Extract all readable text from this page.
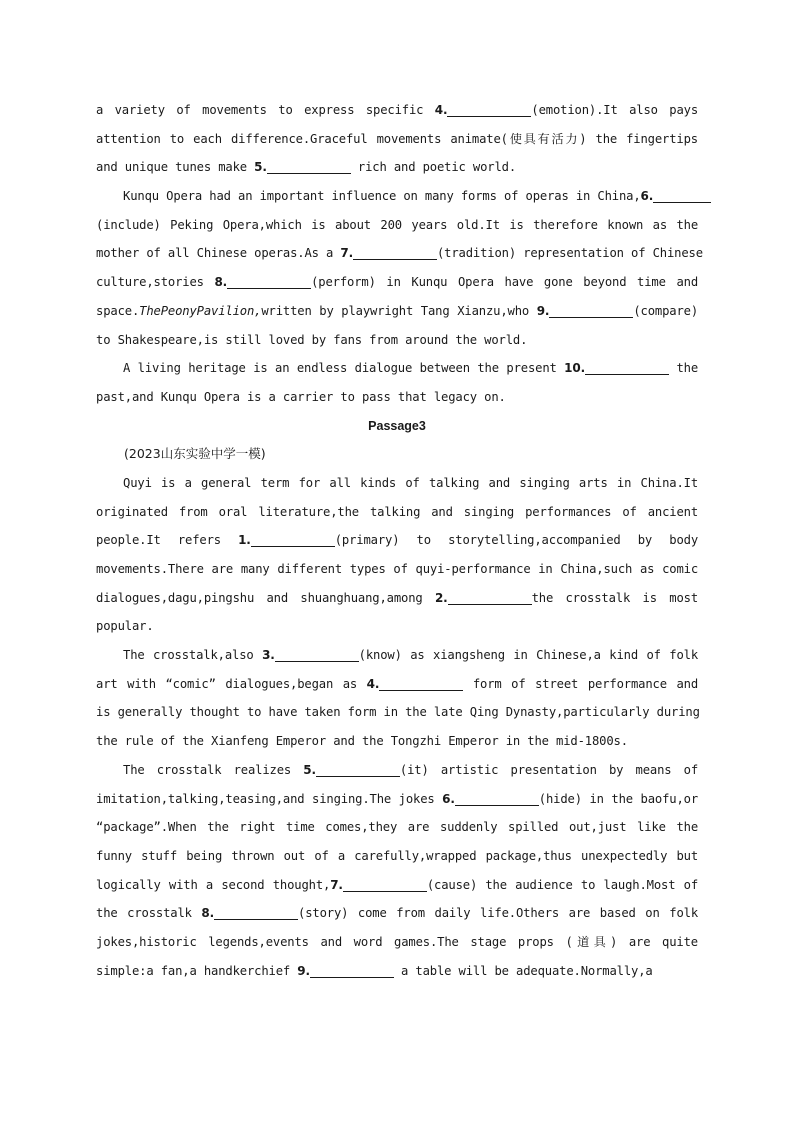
a variety of movements to express specific 4.	(emotion).It also pays
attention to each difference.Graceful movements animate(使具有活力) the fingertips
and unique tunes make 5.	rich and poetic world.
Kunqu Opera had an important influence on many forms of operas in China,6.
(include) Peking Opera,which is about 200 years old.It is therefore known as the
mother of all Chinese operas.As a 7.	(tradition) representation of Chinese
culture,stories 8.	(perform) in Kunqu Opera have gone beyond time and
space.ThePeonyPavilion,written by playwright Tang Xianzu,who 9.	(compare)
to Shakespeare,is still loved by fans from around the world.
A living heritage is an endless dialogue between the present 10.	the
past,and Kunqu Opera is a carrier to pass that legacy on.
Passage3
(2023山东实验中学一模)
Quyi is a general term for all kinds of talking and singing arts in China.It
originated from oral literature,the talking and singing performances of ancient
people.It refers 1.	(primary) to storytelling,accompanied by body
movements.There are many different types of quyi-performance in China,such as comic
dialogues,dagu,pingshu and shuanghuang,among 2.	the crosstalk is most
popular.
The crosstalk,also 3.	(know) as xiangsheng in Chinese,a kind of folk
art with “comic” dialogues,began as 4.	form of street performance and
is generally thought to have taken form in the late Qing Dynasty,particularly during
the rule of the Xianfeng Emperor and the Tongzhi Emperor in the mid-1800s.
The crosstalk realizes 5.	(it) artistic presentation by means of
imitation,talking,teasing,and singing.The jokes 6.	(hide) in the baofu,or
“package”.When the right time comes,they are suddenly spilled out,just like the
funny stuff being thrown out of a carefully,wrapped package,thus unexpectedly but
logically with a second thought,7.	(cause) the audience to laugh.Most of
the crosstalk 8.	(story) come from daily life.Others are based on folk
jokes,historic legends,events and word games.The stage props (道具) are quite
simple:a fan,a handkerchief 9.	a table will be adequate.Normally,a
